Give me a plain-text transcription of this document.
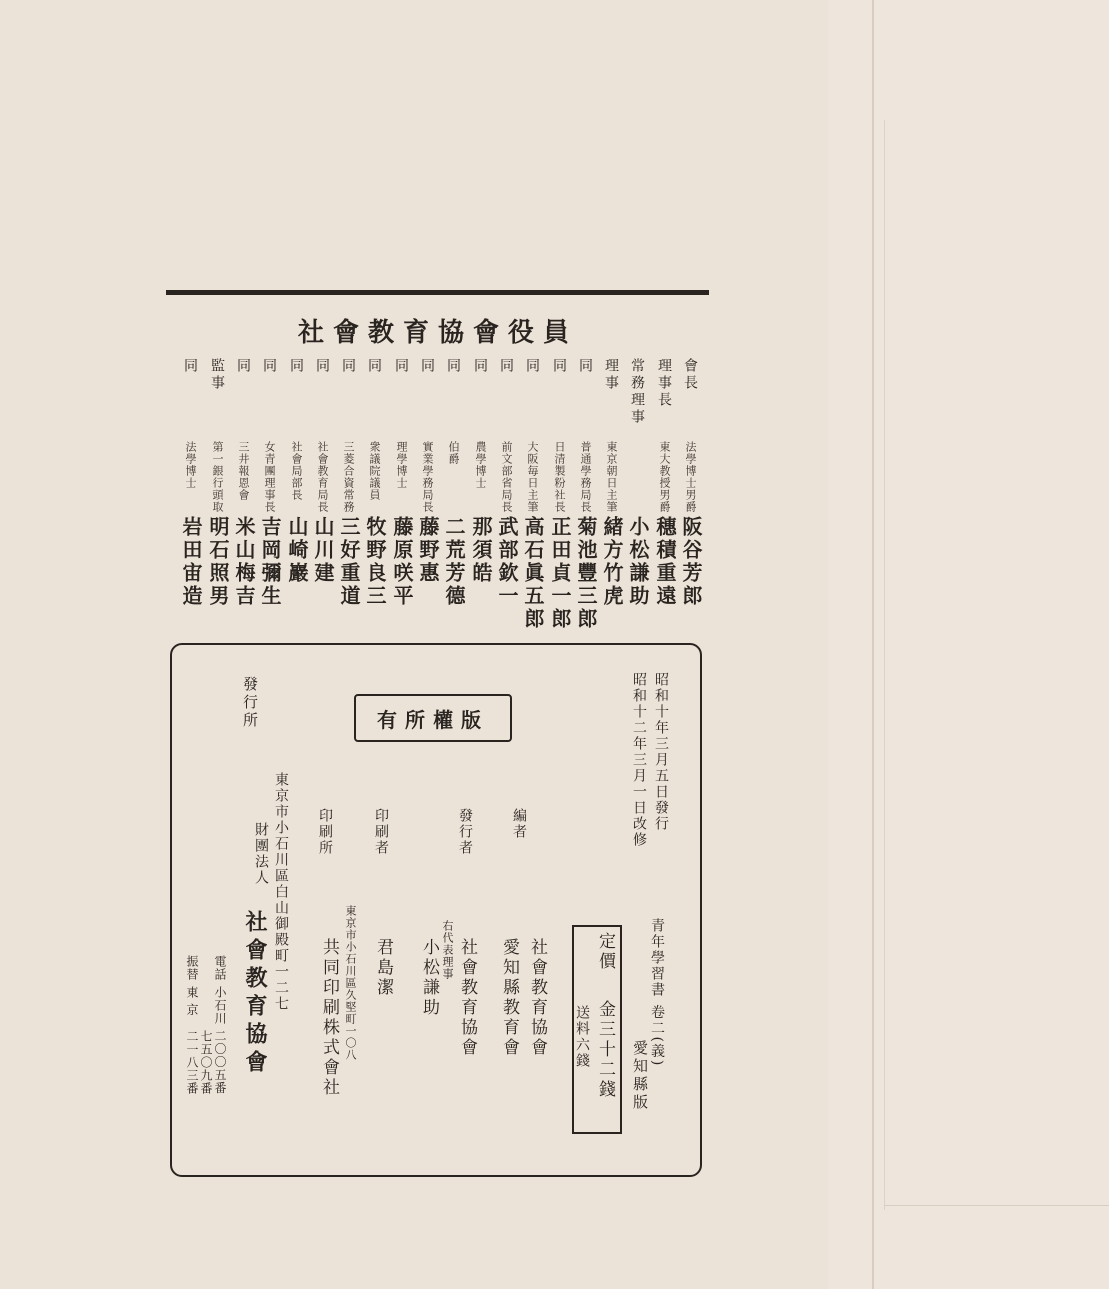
社會教育協會役員
會長
法學博士男爵
阪谷芳郎
理事長
東大教授男爵
穗積重遠
常務理事
小松謙助
理事
東京朝日主筆
緒方竹虎
同
普通學務局長
菊池豐三郎
同
日清製粉社長
正田貞一郎
同
大阪毎日主筆
高石眞五郎
同
前文部省局長
武部欽一
同
農學博士
那須皓
同
伯爵
二荒芳德
同
實業學務局長
藤野惠
同
理學博士
藤原咲平
同
衆議院議員
牧野良三
同
三菱合資常務
三好重道
同
社會教育局長
山川建
同
社會局部長
山崎巖
同
女青團理事長
吉岡彌生
同
三井報恩會
米山梅吉
監事
第一銀行頭取
明石照男
同
法學博士
岩田宙造
昭和十年三月五日發行
昭和十二年三月一日改修
版權所有
青年學習書 卷二(義)
愛知縣版
定價
金三十二錢
送料六錢
編者
社會教育協會
愛知縣教育會
發行者
社會教育協會
右代表理事
小松謙助
印刷者
君島潔
印刷所
東京市小石川區久堅町一〇八
共同印刷株式會社
發行所
東京市小石川區白山御殿町一二七
財團法人
社會教育協會
電話 小石川 二〇〇五番
七五〇九番
振替 東 京
二一八三番
